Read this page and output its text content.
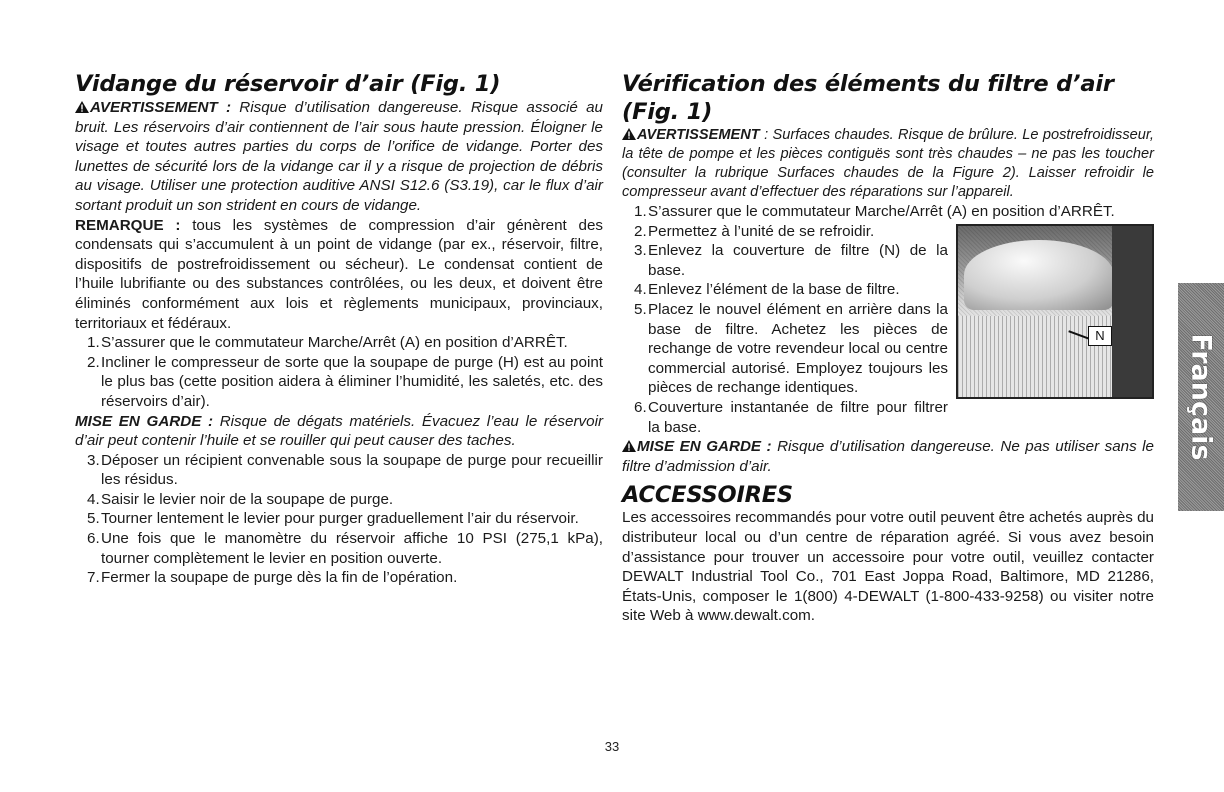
Vidange du réservoir d’air (Fig. 1)

AVERTISSEMENT : Risque d’utilisation dangereuse. Risque associé au bruit. Les réservoirs d’air contiennent de l’air sous haute pression. Éloigner le visage et toutes autres parties du corps de l’orifice de vidange. Porter des lunettes de sécurité lors de la vidange car il y a risque de projection de débris au visage. Utiliser une protection auditive ANSI S12.6 (S3.19), car le flux d’air sortant produit un son strident en cours de vidange.

REMARQUE : tous les systèmes de compression d’air génèrent des condensats qui s’accumulent à un point de vidange (par ex., réservoir, filtre, dispositifs de postrefroidissement ou sécheur). Le condensat contient de l’huile lubrifiante ou des substances contrôlées, ou les deux, et doivent être éliminés conformément aux lois et règlements municipaux, provinciaux, territoriaux et fédéraux.

1.S’assurer que le commutateur Marche/Arrêt (A) en position d’ARRÊT.
2.Incliner le compresseur de sorte que la soupape de purge (H) est au point le plus bas (cette position aidera à éliminer l’humidité, les saletés, etc. des réservoirs d’air).

MISE EN GARDE : Risque de dégats matériels. Évacuez l’eau le réservoir d’air peut contenir l’huile et se rouiller qui peut causer des taches.

3.Déposer un récipient convenable sous la soupape de purge pour recueillir les résidus.
4.Saisir le levier noir de la soupape de purge.
5.Tourner lentement le levier pour purger graduellement l’air du réservoir.
6.Une fois que le manomètre du réservoir affiche 10 PSI (275,1 kPa), tourner complètement le levier en position ouverte.
7.Fermer la soupape de purge dès la fin de l’opération.
Vérification des éléments du filtre d’air (Fig. 1)

AVERTISSEMENT : Surfaces chaudes. Risque de brûlure. Le postrefroidisseur, la tête de pompe et les pièces contiguës sont très chaudes – ne pas les toucher (consulter la rubrique Surfaces chaudes de la Figure 2). Laisser refroidir le compresseur avant d’effectuer des réparations sur l’appareil.

1.S’assurer que le commutateur Marche/Arrêt (A) en position d’ARRÊT.
N
2.Permettez à l’unité de se refroidir.
3.Enlevez la couverture de filtre (N) de la base.
4.Enlevez l’élément de la base de filtre.
5.Placez le nouvel élément en arrière dans la base de filtre. Achetez les pièces de rechange de votre revendeur local ou centre commercial autorisé. Employez toujours les pièces de rechange identiques.
6.Couverture instantanée de filtre pour filtrer la base.

MISE EN GARDE : Risque d’utilisation dangereuse. Ne pas utiliser sans le filtre d’admission d’air.

ACCESSOIRES

Les accessoires recommandés pour votre outil peuvent être achetés auprès du distributeur local ou d’un centre de réparation agréé. Si vous avez besoin d’assistance pour trouver un accessoire pour votre outil, veuillez contacter DEWALT Industrial Tool Co., 701 East Joppa Road, Baltimore, MD 21286, États-Unis, composer le 1(800) 4-DEWALT (1-800-433-9258) ou visiter notre site Web à www.dewalt.com.

Français
33
